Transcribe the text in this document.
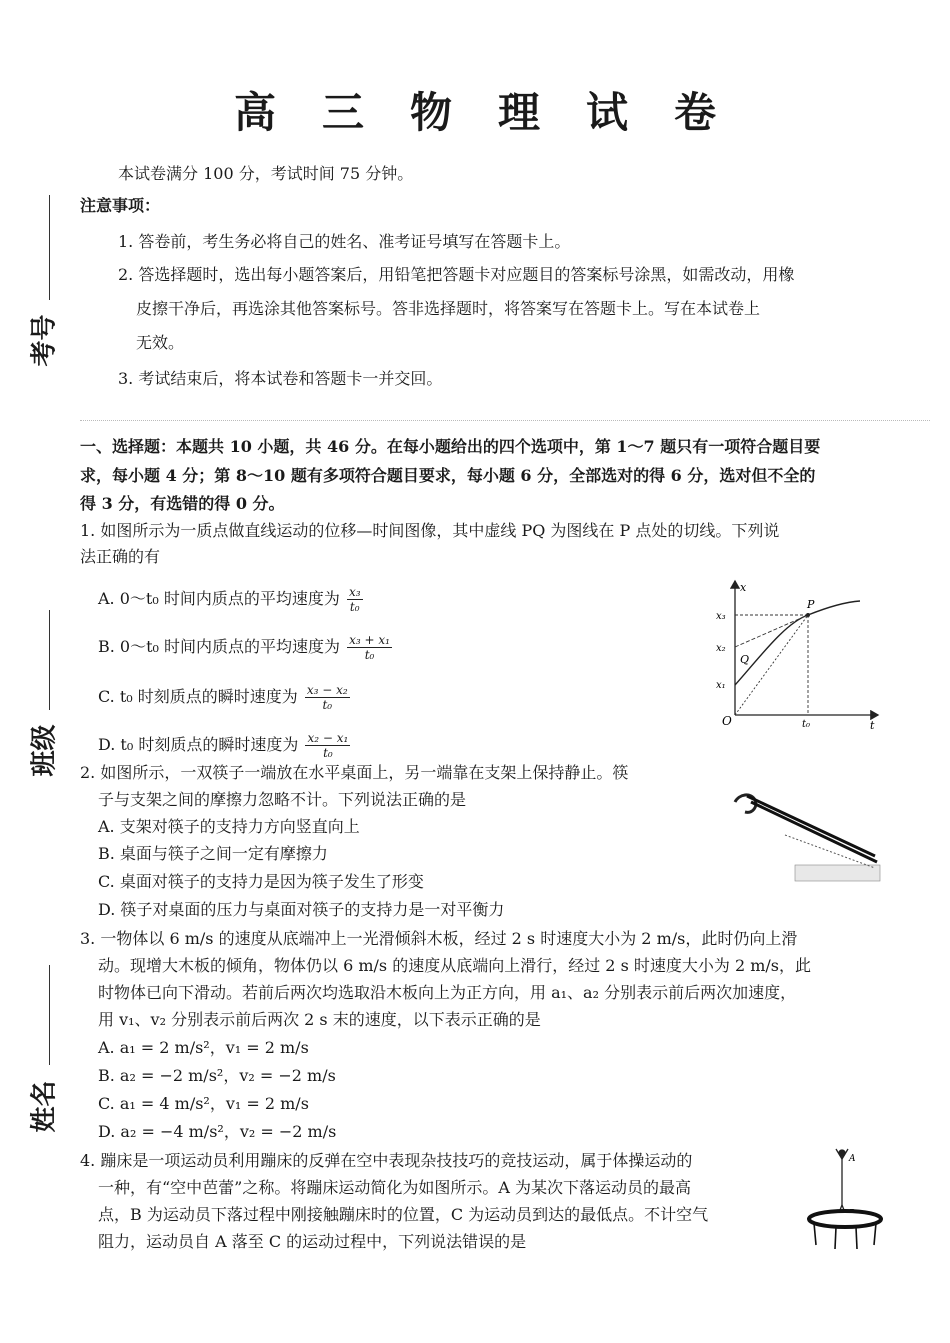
高三物理试卷
考号
班级
姓名
本试卷满分 100 分，考试时间 75 分钟。
注意事项：
1. 答卷前，考生务必将自己的姓名、准考证号填写在答题卡上。
2. 答选择题时，选出每小题答案后，用铅笔把答题卡对应题目的答案标号涂黑，如需改动，用橡
皮擦干净后，再选涂其他答案标号。答非选择题时，将答案写在答题卡上。写在本试卷上
无效。
3. 考试结束后，将本试卷和答题卡一并交回。
一、选择题：本题共 10 小题，共 46 分。在每小题给出的四个选项中，第 1～7 题只有一项符合题目要
求，每小题 4 分；第 8～10 题有多项符合题目要求，每小题 6 分，全部选对的得 6 分，选对但不全的
得 3 分，有选错的得 0 分。
1. 如图所示为一质点做直线运动的位移—时间图像，其中虚线 PQ 为图线在 P 点处的切线。下列说
法正确的有
A. 0～t₀ 时间内质点的平均速度为 $\frac{\text{x₃}}{\text{t₀}}$
B. 0～t₀ 时间内质点的平均速度为 $\frac{\text{x₃ + x₁}}{\text{t₀}}$
C. t₀ 时刻质点的瞬时速度为 $\frac{\text{x₃ − x₂}}{\text{t₀}}$
D. t₀ 时刻质点的瞬时速度为 $\frac{\text{x₂ − x₁}}{\text{t₀}}$
x
t
O	t₀
x₃
x₂
x₁
P
Q
2. 如图所示，一双筷子一端放在水平桌面上，另一端靠在支架上保持静止。筷
子与支架之间的摩擦力忽略不计。下列说法正确的是
A. 支架对筷子的支持力方向竖直向上
B. 桌面与筷子之间一定有摩擦力
C. 桌面对筷子的支持力是因为筷子发生了形变
D. 筷子对桌面的压力与桌面对筷子的支持力是一对平衡力
3. 一物体以 6 m/s 的速度从底端冲上一光滑倾斜木板，经过 2 s 时速度大小为 2 m/s，此时仍向上滑
动。现增大木板的倾角，物体仍以 6 m/s 的速度从底端向上滑行，经过 2 s 时速度大小为 2 m/s，此
时物体已向下滑动。若前后两次均选取沿木板向上为正方向，用 a₁、a₂ 分别表示前后两次加速度，
用 v₁、v₂ 分别表示前后两次 2 s 末的速度，以下表示正确的是
A. a₁ = 2 m/s²，v₁ = 2 m/s
B. a₂ = −2 m/s²，v₂ = −2 m/s
C. a₁ = 4 m/s²，v₁ = 2 m/s
D. a₂ = −4 m/s²，v₂ = −2 m/s
4. 蹦床是一项运动员利用蹦床的反弹在空中表现杂技技巧的竞技运动，属于体操运动的
一种，有“空中芭蕾”之称。将蹦床运动简化为如图所示。A 为某次下落运动员的最高
点，B 为运动员下落过程中刚接触蹦床时的位置，C 为运动员到达的最低点。不计空气
阻力，运动员自 A 落至 C 的运动过程中，下列说法错误的是
A
